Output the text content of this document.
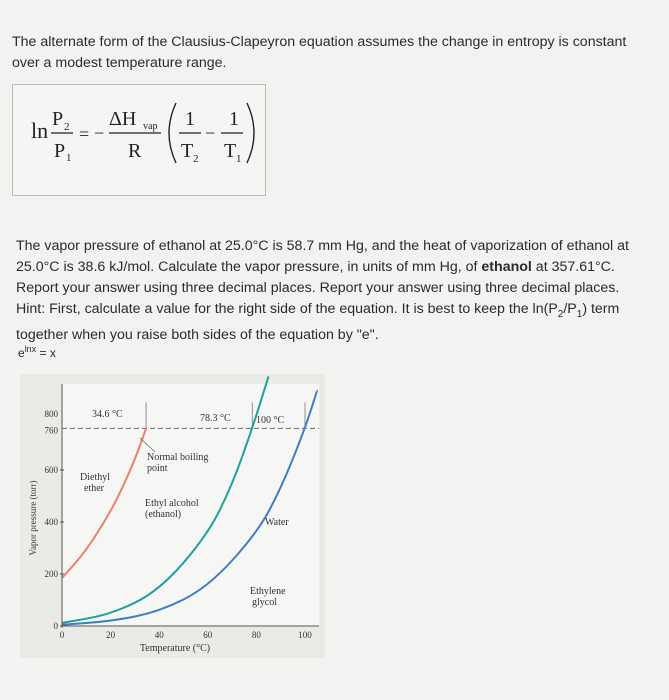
The alternate form of the Clausius-Clapeyron equation assumes the change in entropy is constant
over a modest temperature range.

ln P 2
P 1
= −
ΔH vap
R
1
T 2
−
1
T 1

The vapor pressure of ethanol at 25.0°C is 58.7 mm Hg, and the heat of vaporization of ethanol at
25.0°C is 38.6 kJ/mol. Calculate the vapor pressure, in units of mm Hg, of ethanol at 357.61°C.
Report your answer using three decimal places. Report your answer using three decimal places.
Hint: First, calculate a value for the right side of the equation. It is best to keep the $\ln(P_2/P_1)$ term
together when you raise both sides of the equation by "e".

$e^{lnx} = x$
0	20	40	60	80	100
0
200
400
600
760
800	34.6 °C	78.3 °C	100 °C
Normal boiling
point
Diethyl
ether
Ethyl alcohol
(ethanol)
Water
Ethylene
glycol
Temperature (°C)
Vapor pressure (torr)
